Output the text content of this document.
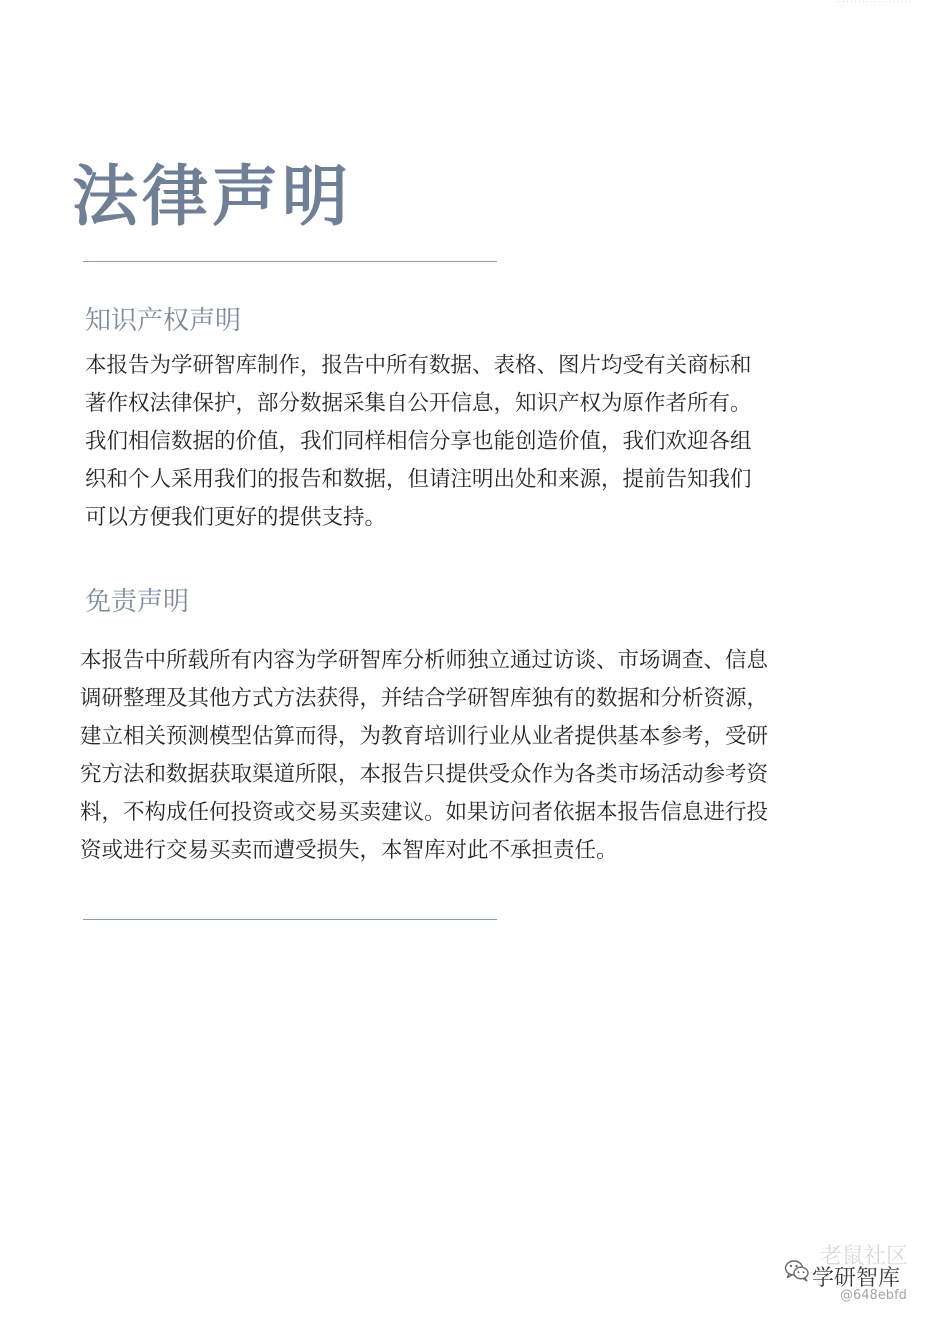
····················
法律声明
知识产权声明
本报告为学研智库制作，报告中所有数据、表格、图片均受有关商标和
著作权法律保护，部分数据采集自公开信息，知识产权为原作者所有。
我们相信数据的价值，我们同样相信分享也能创造价值，我们欢迎各组
织和个人采用我们的报告和数据，但请注明出处和来源，提前告知我们
可以方便我们更好的提供支持。
免责声明
本报告中所载所有内容为学研智库分析师独立通过访谈、市场调查、信息
调研整理及其他方式方法获得，并结合学研智库独有的数据和分析资源，
建立相关预测模型估算而得，为教育培训行业从业者提供基本参考，受研
究方法和数据获取渠道所限，本报告只提供受众作为各类市场活动参考资
料，不构成任何投资或交易买卖建议。如果访问者依据本报告信息进行投
资或进行交易买卖而遭受损失，本智库对此不承担责任。
老鼠社区
学研智库
@648ebfd
